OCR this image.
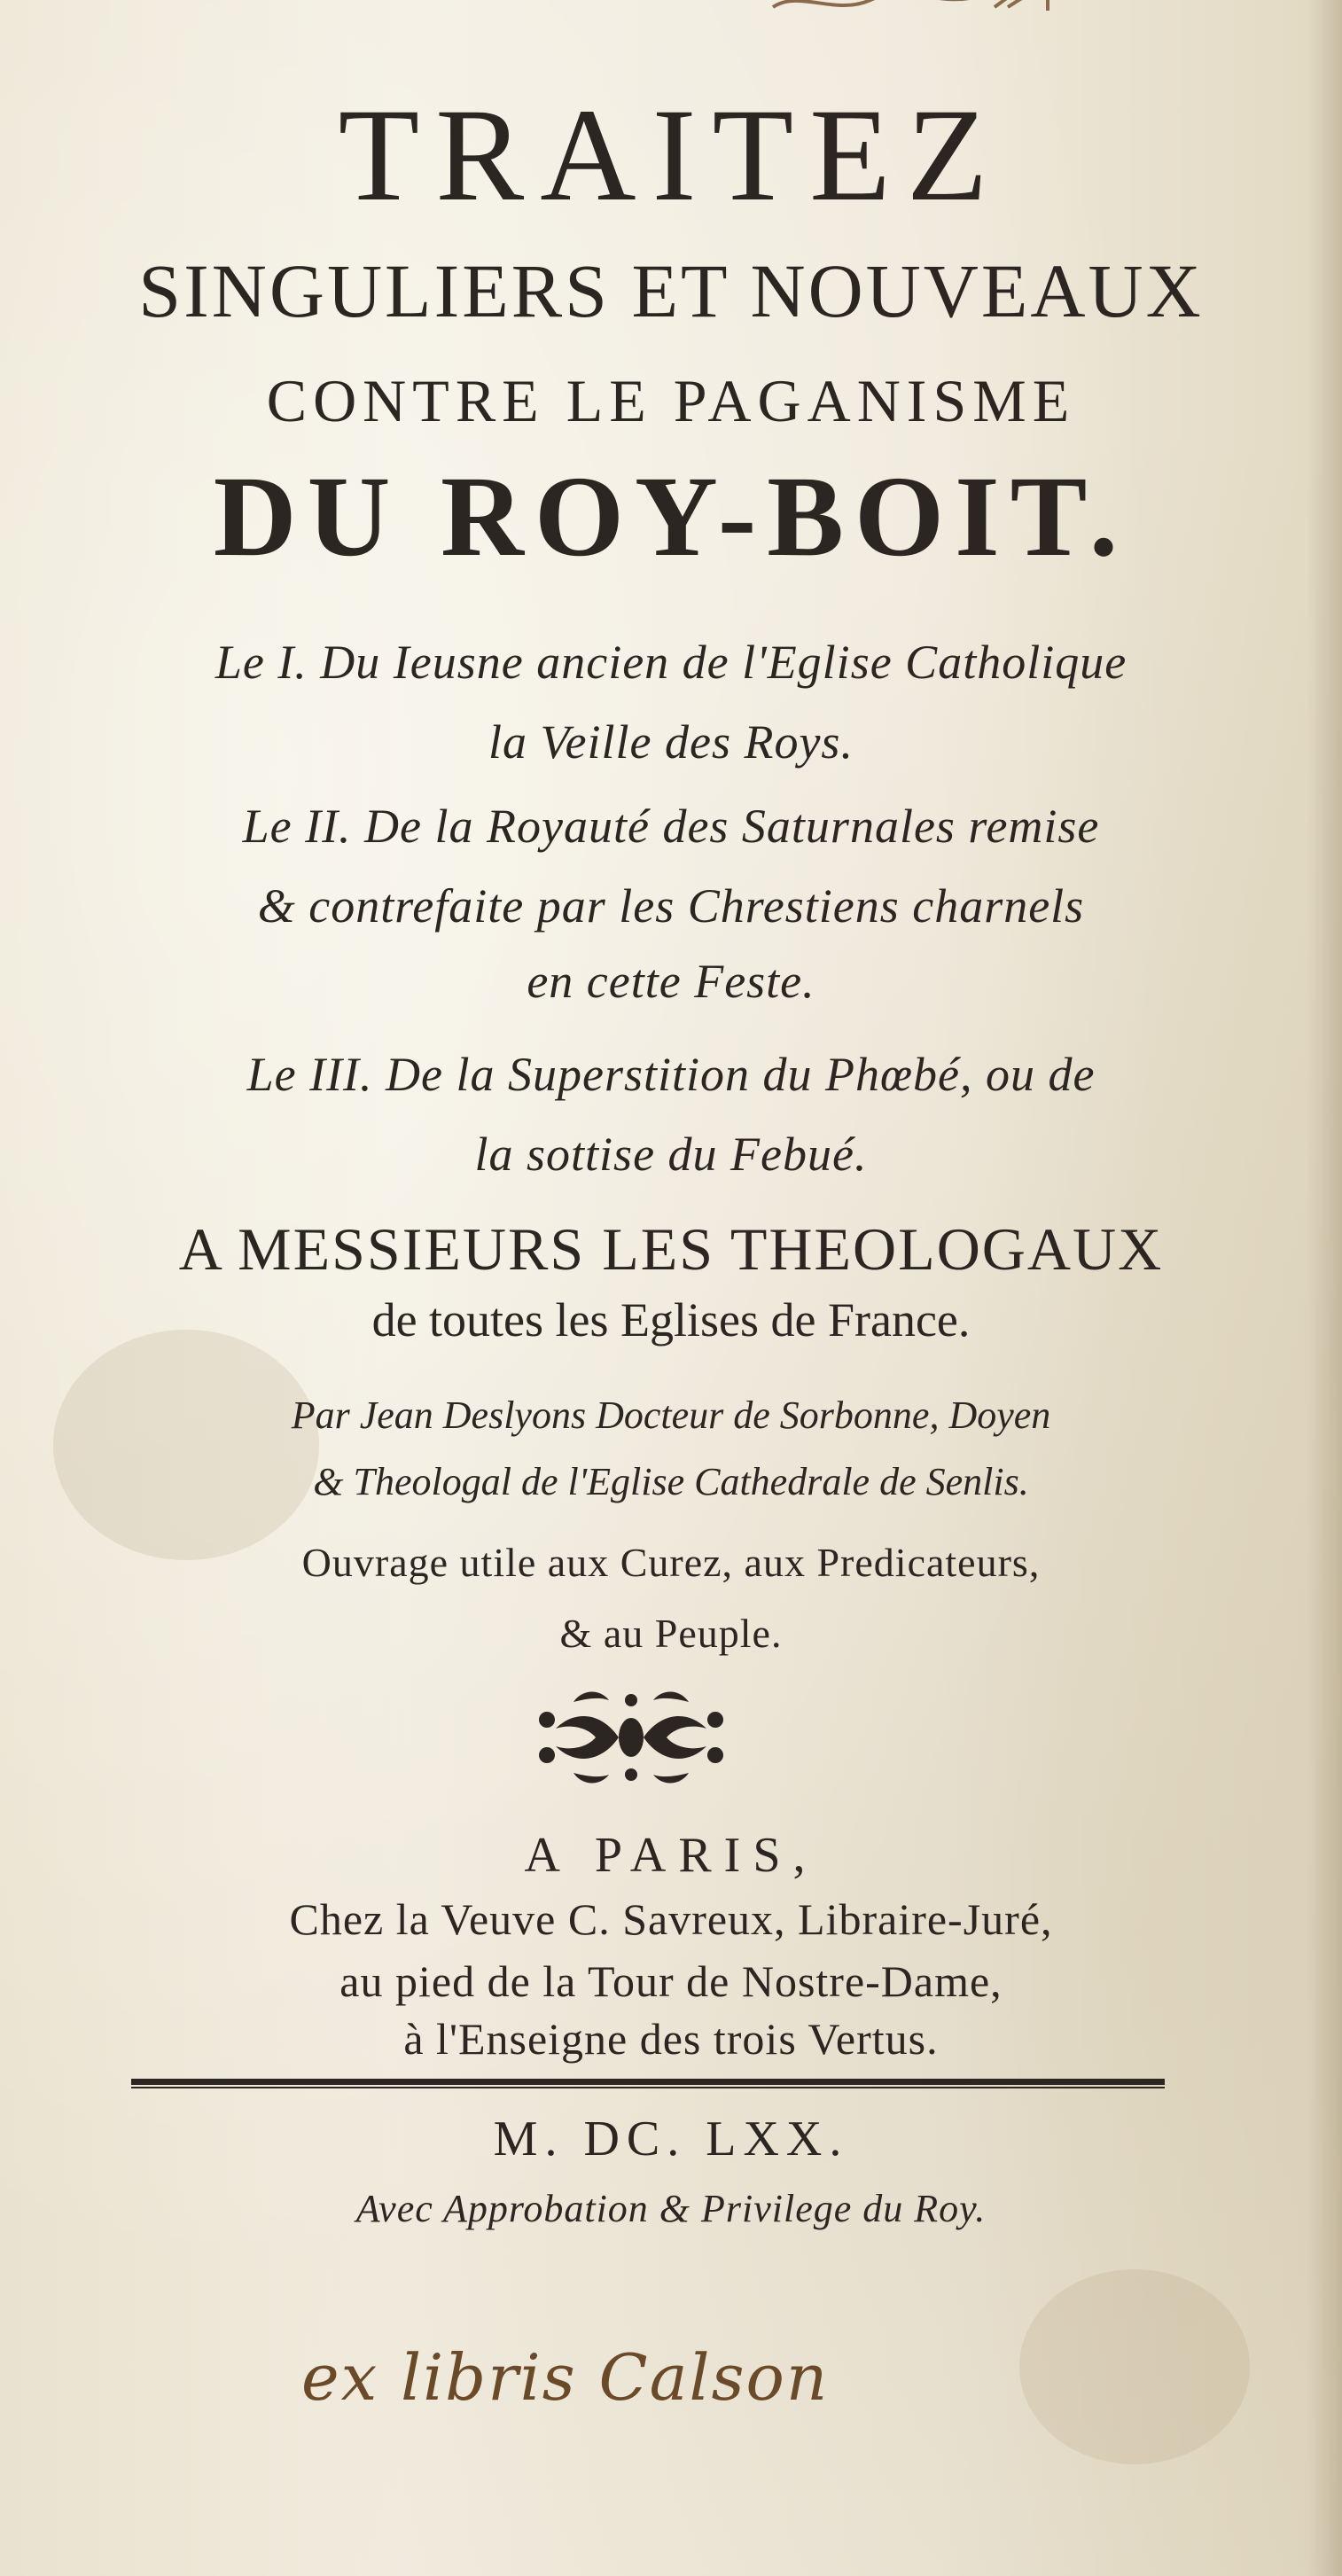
TRAITEZ
SINGULIERS ET NOUVEAUX
CONTRE LE PAGANISME
DU ROY-BOIT.
Le I. Du Ieusne ancien de l'Eglise Catholique
la Veille des Roys.
Le II. De la Royauté des Saturnales remise
& contrefaite par les Chrestiens charnels
en cette Feste.
Le III. De la Superstition du Phœbé, ou de
la sottise du Febué.
A MESSIEURS LES THEOLOGAUX
de toutes les Eglises de France.
Par Jean Deslyons Docteur de Sorbonne, Doyen
& Theologal de l'Eglise Cathedrale de Senlis.
Ouvrage utile aux Curez, aux Predicateurs,
& au Peuple.
A PARIS,
Chez la Veuve C. Savreux, Libraire-Juré,
au pied de la Tour de Nostre-Dame,
à l'Enseigne des trois Vertus.
M. DC. LXX.
Avec Approbation & Privilege du Roy.
ex libris Calson
